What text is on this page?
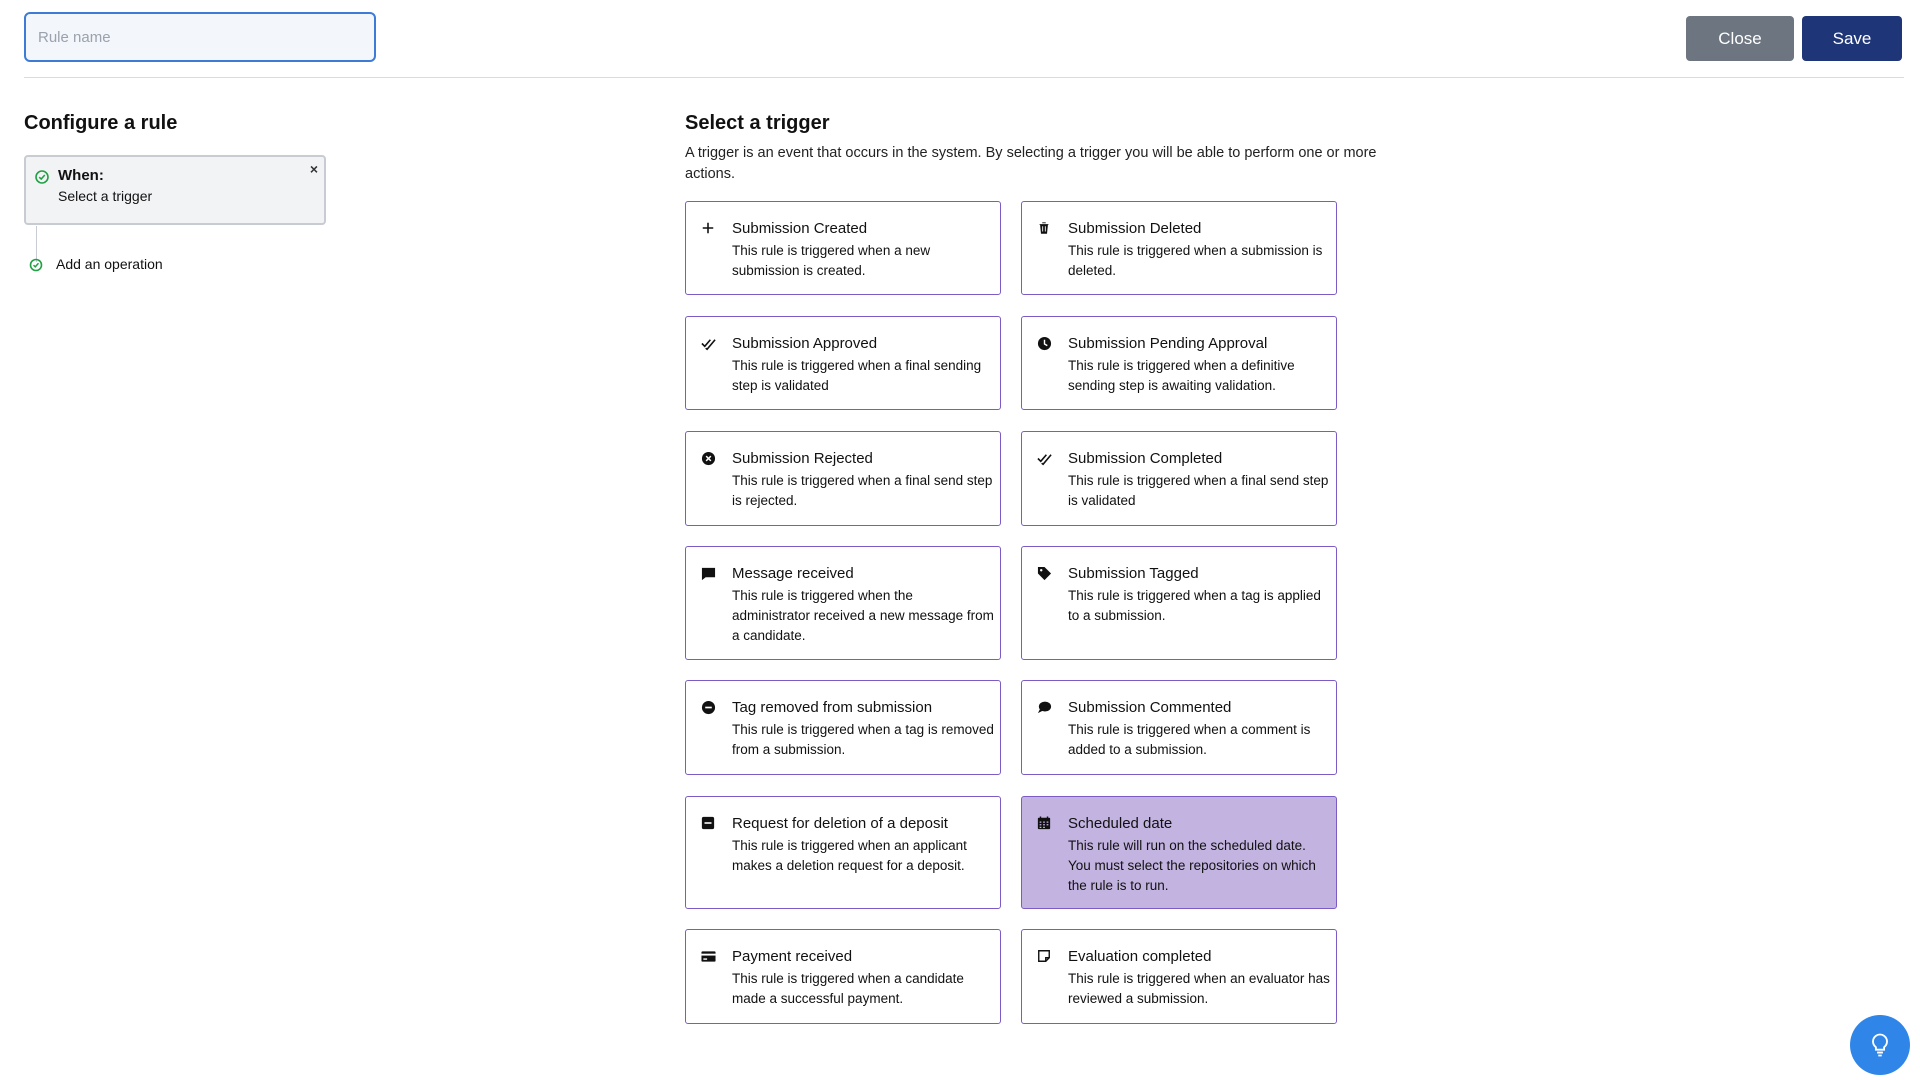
Rule name
Close	Save
Configure a rule
When:
Select a trigger
×
Add an operation
Select a trigger
A trigger is an event that occurs in the system. By selecting a trigger you will be able to perform one or more actions.
Submission Created
This rule is triggered when a new submission is created.
Submission Deleted
This rule is triggered when a submission is deleted.
Submission Approved
This rule is triggered when a final sending step is validated
Submission Pending Approval
This rule is triggered when a definitive sending step is awaiting validation.
Submission Rejected
This rule is triggered when a final send step is rejected.
Submission Completed
This rule is triggered when a final send step is validated
Message received
This rule is triggered when the administrator received a new message from a candidate.
Submission Tagged
This rule is triggered when a tag is applied to a submission.
Tag removed from submission
This rule is triggered when a tag is removed from a submission.
Submission Commented
This rule is triggered when a comment is added to a submission.
Request for deletion of a deposit
This rule is triggered when an applicant makes a deletion request for a deposit.
Scheduled date
This rule will run on the scheduled date. You must select the repositories on which the rule is to run.
Payment received
This rule is triggered when a candidate made a successful payment.
Evaluation completed
This rule is triggered when an evaluator has reviewed a submission.
